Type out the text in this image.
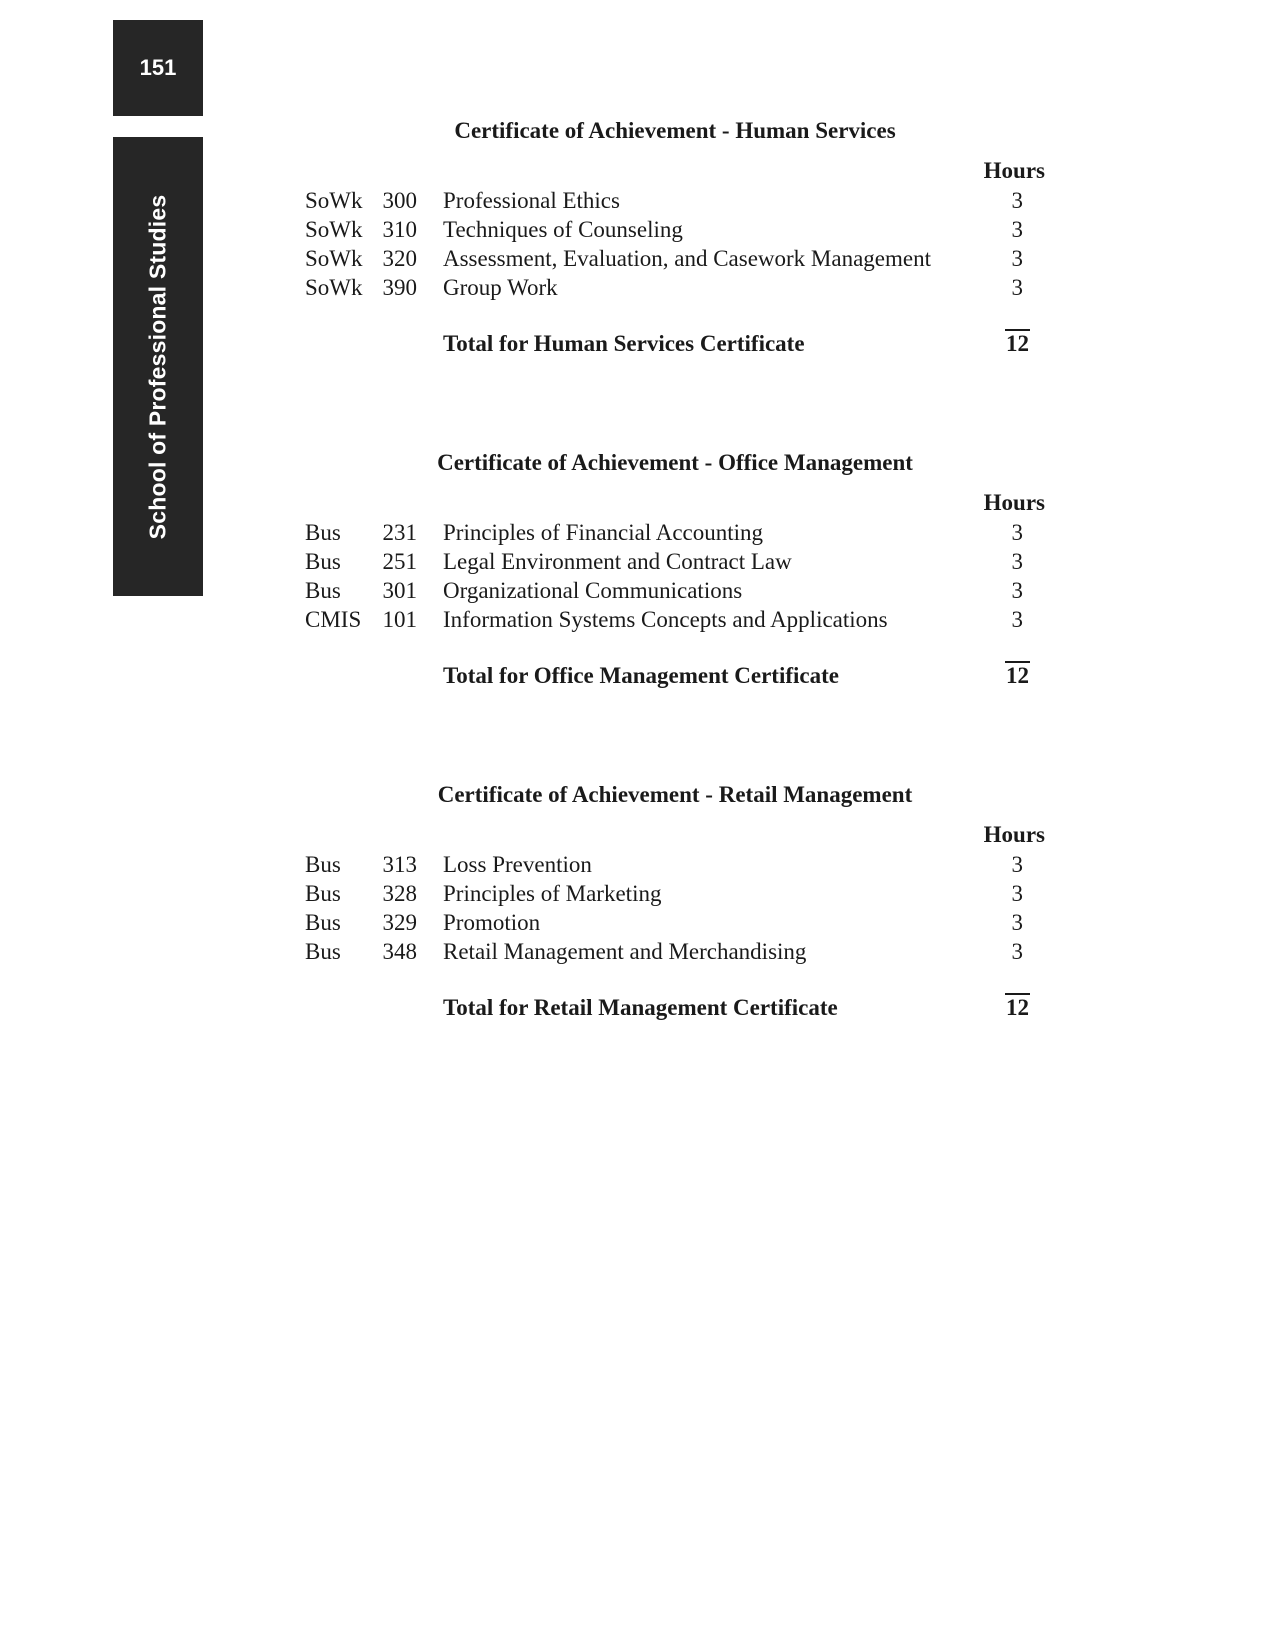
151
School of Professional Studies
Certificate of Achievement - Human Services
Hours
SoWk 300 Professional Ethics	3
SoWk 310 Techniques of Counseling	3
SoWk 320 Assessment, Evaluation, and Casework Management	3
SoWk 390 Group Work	3
Total for Human Services Certificate	12
Certificate of Achievement - Office Management
Hours
Bus	231 Principles of Financial Accounting	3
Bus	251 Legal Environment and Contract Law	3
Bus	301 Organizational Communications	3
CMIS 101 Information Systems Concepts and Applications	3
Total for Office Management Certificate	12
Certificate of Achievement - Retail Management
Hours
Bus	313 Loss Prevention	3
Bus	328 Principles of Marketing	3
Bus	329 Promotion	3
Bus	348 Retail Management and Merchandising	3
Total for Retail Management Certificate	12
